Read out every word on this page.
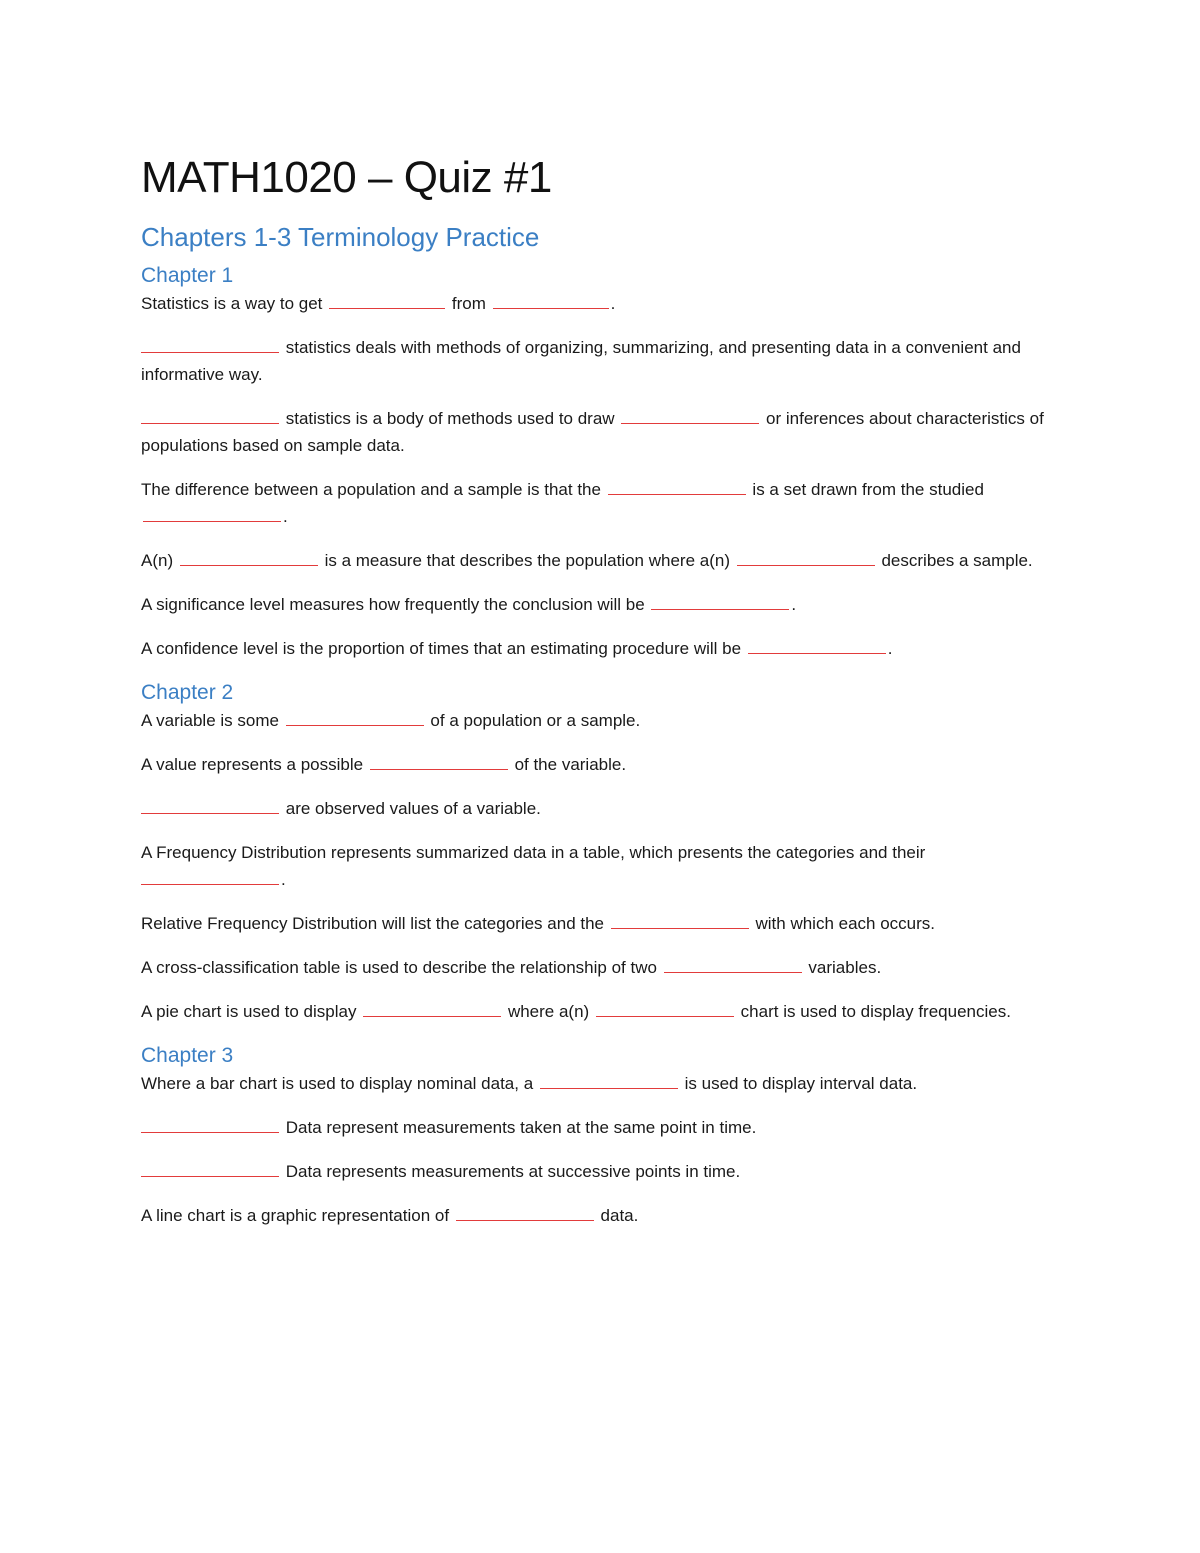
MATH1020 – Quiz #1
Chapters 1-3 Terminology Practice
Chapter 1

Statistics is a way to get	from	.

statistics deals with methods of organizing, summarizing, and presenting data in a convenient and informative way.

statistics is a body of methods used to draw	or inferences about characteristics of populations based on sample data.

The difference between a population and a sample is that the	is a set drawn from the studied .

A(n)	is a measure that describes the population where a(n)	describes a sample.

A significance level measures how frequently the conclusion will be	.

A confidence level is the proportion of times that an estimating procedure will be	.

Chapter 2

A variable is some	of a population or a sample.

A value represents a possible	of the variable.

are observed values of a variable.

A Frequency Distribution represents summarized data in a table, which presents the categories and their .

Relative Frequency Distribution will list the categories and the	with which each occurs.

A cross-classification table is used to describe the relationship of two	variables.

A pie chart is used to display	where a(n)	chart is used to display frequencies.

Chapter 3

Where a bar chart is used to display nominal data, a	is used to display interval data.

Data represent measurements taken at the same point in time.

Data represents measurements at successive points in time.

A line chart is a graphic representation of	data.
